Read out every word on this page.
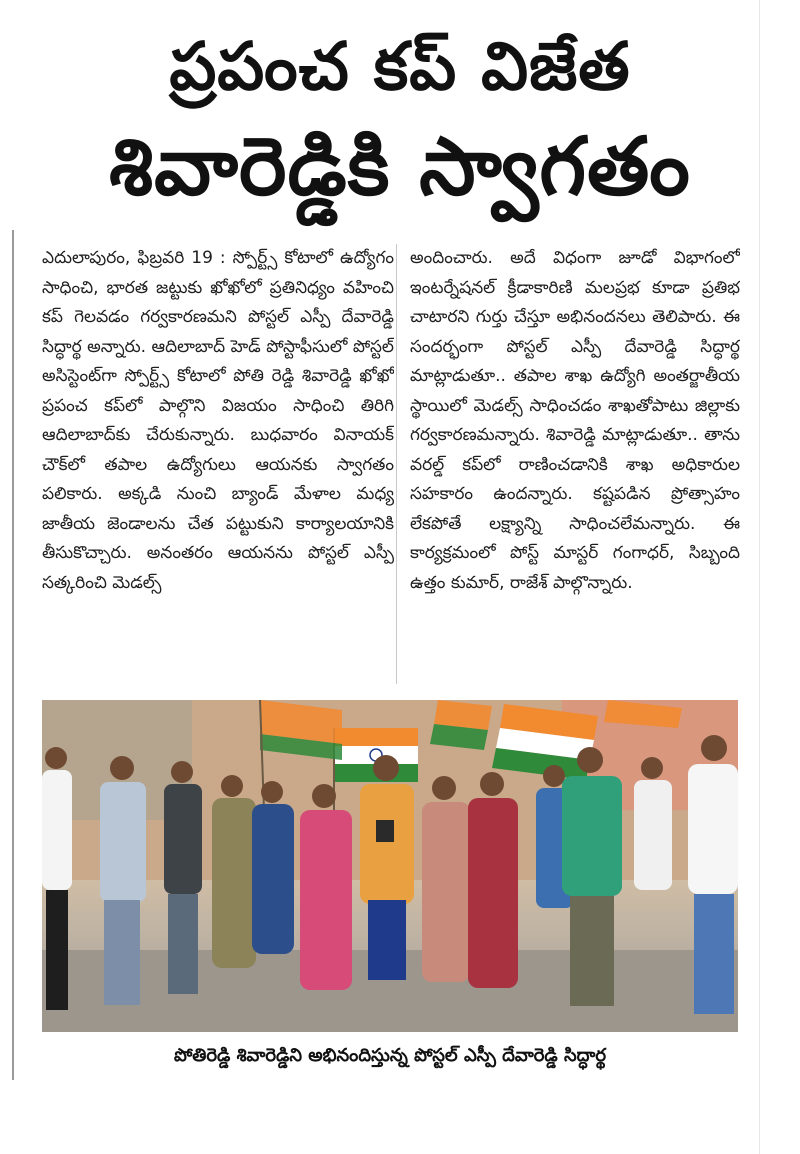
ప్రపంచ కప్ విజేత
శివారెడ్డికి స్వాగతం
ఎదులాపురం, ఫిబ్రవరి 19 : స్పోర్ట్స్ కోటాలో ఉద్యోగం సాధించి, భారత జట్టుకు ఖోఖోలో ప్రతినిధ్యం వహించి కప్ గెలవడం గర్వకారణమని పోస్టల్ ఎస్పీ దేవారెడ్డి సిద్ధార్థ అన్నారు. ఆదిలాబాద్ హెడ్ పోస్టాఫీసులో పోస్టల్ అసిస్టెంట్‌గా స్పోర్ట్స్ కోటాలో పోతి రెడ్డి శివారెడ్డి ఖోఖో ప్రపంచ కప్‌లో పాల్గొని విజయం సాధించి తిరిగి ఆదిలాబాద్‌కు చేరుకున్నారు. బుధవారం వినాయక్ చౌక్‌లో తపాల ఉద్యోగులు ఆయనకు స్వాగతం పలికారు. అక్కడి నుంచి బ్యాండ్ మేళాల మధ్య జాతీయ జెండాలను చేత పట్టుకుని కార్యాలయానికి తీసుకొచ్చారు. అనంతరం ఆయనను పోస్టల్ ఎస్పీ సత్కరించి మెడల్స్
అందించారు. అదే విధంగా జూడో విభాగంలో ఇంటర్నేషనల్ క్రీడాకారిణి మలప్రభ కూడా ప్రతిభ చాటారని గుర్తు చేస్తూ అభినందనలు తెలిపారు. ఈ సందర్భంగా పోస్టల్ ఎస్పీ దేవారెడ్డి సిద్ధార్థ మాట్లాడుతూ.. తపాల శాఖ ఉద్యోగి అంతర్జాతీయ స్థాయిలో మెడల్స్ సాధించడం శాఖతోపాటు జిల్లాకు గర్వకారణమన్నారు. శివారెడ్డి మాట్లాడుతూ.. తాను వరల్డ్ కప్‌లో రాణించడానికి శాఖ అధికారుల సహకారం ఉందన్నారు. కష్టపడిన ప్రోత్సాహం లేకపోతే లక్ష్యాన్ని సాధించలేమన్నారు. ఈ కార్యక్రమంలో పోస్ట్ మాస్టర్ గంగాధర్, సిబ్బంది ఉత్తం కుమార్, రాజేశ్ పాల్గొన్నారు.
పోతిరెడ్డి శివారెడ్డిని అభినందిస్తున్న పోస్టల్ ఎస్పీ దేవారెడ్డి సిద్ధార్థ
